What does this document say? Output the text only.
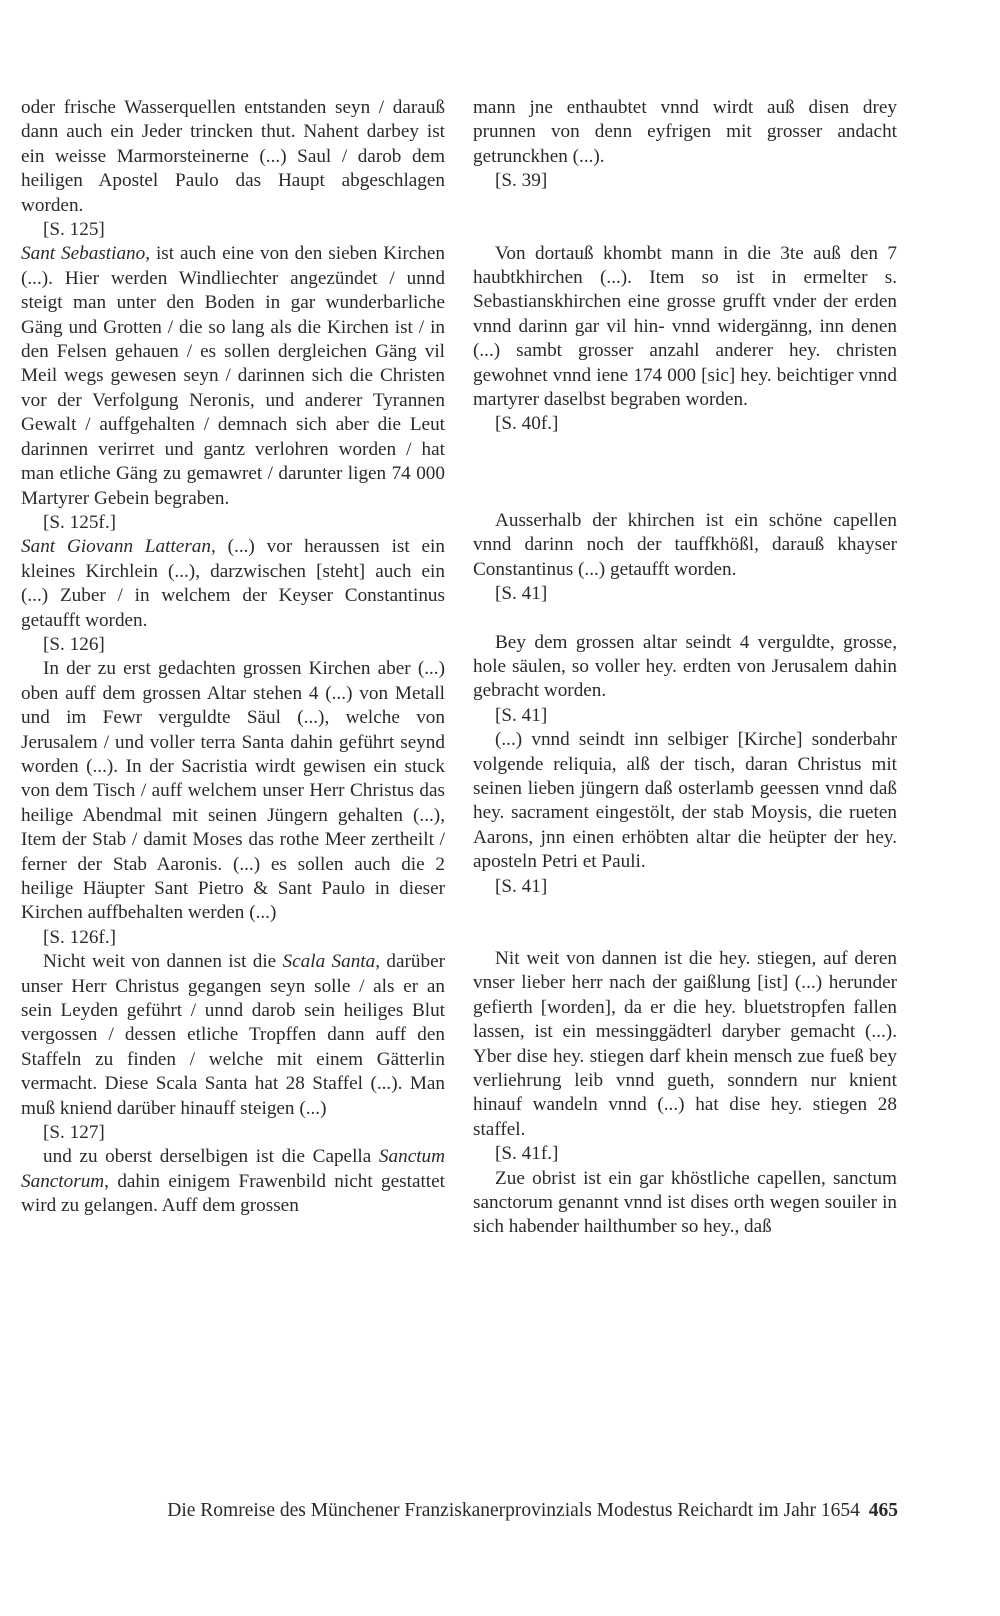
oder frische Wasserquellen entstanden seyn / darauß dann auch ein Jeder trincken thut. Nahent darbey ist ein weisse Marmorsteinerne (...) Saul / darob dem heiligen Apostel Paulo das Haupt abgeschlagen worden.

[S. 125]

Sant Sebastiano, ist auch eine von den sieben Kirchen (...). Hier werden Windliechter angezündet / unnd steigt man unter den Boden in gar wunderbarliche Gäng und Grotten / die so lang als die Kirchen ist / in den Felsen gehauen / es sollen dergleichen Gäng vil Meil wegs gewesen seyn / darinnen sich die Christen vor der Verfolgung Neronis, und anderer Tyrannen Gewalt / auffgehalten / demnach sich aber die Leut darinnen verirret und gantz verlohren worden / hat man etliche Gäng zu gemawret / darunter ligen 74 000 Martyrer Gebein begraben.

[S. 125f.]

Sant Giovann Latteran, (...) vor heraussen ist ein kleines Kirchlein (...), darzwischen [steht] auch ein (...) Zuber / in welchem der Keyser Constantinus getaufft worden.

[S. 126]

In der zu erst gedachten grossen Kirchen aber (...) oben auff dem grossen Altar stehen 4 (...) von Metall und im Fewr verguldte Säul (...), welche von Jerusalem / und voller terra Santa dahin geführt seynd worden (...). In der Sacristia wirdt gewisen ein stuck von dem Tisch / auff welchem unser Herr Christus das heilige Abendmal mit seinen Jüngern gehalten (...), Item der Stab / damit Moses das rothe Meer zertheilt / ferner der Stab Aaronis. (...) es sollen auch die 2 heilige Häupter Sant Pietro & Sant Paulo in dieser Kirchen auffbehalten werden (...)

[S. 126f.]

Nicht weit von dannen ist die Scala Santa, darüber unser Herr Christus gegangen seyn solle / als er an sein Leyden geführt / unnd darob sein heiliges Blut vergossen / dessen etliche Tropffen dann auff den Staffeln zu finden / welche mit einem Gätterlin vermacht. Diese Scala Santa hat 28 Staffel (...). Man muß kniend darüber hinauff steigen (...)

[S. 127]

und zu oberst derselbigen ist die Capella Sanctum Sanctorum, dahin einigem Frawenbild nicht gestattet wird zu gelangen. Auff dem grossen

mann jne enthaubtet vnnd wirdt auß disen drey prunnen von denn eyfrigen mit grosser andacht getrunckhen (...).

[S. 39]

Von dortauß khombt mann in die 3te auß den 7 haubtkhirchen (...). Item so ist in ermelter s. Sebastianskhirchen eine grosse grufft vnder der erden vnnd darinn gar vil hin- vnnd widergänng, inn denen (...) sambt grosser anzahl anderer hey. christen gewohnet vnnd iene 174 000 [sic] hey. beichtiger vnnd martyrer daselbst begraben worden.

[S. 40f.]

Ausserhalb der khirchen ist ein schöne capellen vnnd darinn noch der tauffkhößl, darauß khayser Constantinus (...) getaufft worden.

[S. 41]

Bey dem grossen altar seindt 4 verguldte, grosse, hole säulen, so voller hey. erdten von Jerusalem dahin gebracht worden.

[S. 41]

(...) vnnd seindt inn selbiger [Kirche] sonderbahr volgende reliquia, alß der tisch, daran Christus mit seinen lieben jüngern daß osterlamb geessen vnnd daß hey. sacrament eingestölt, der stab Moysis, die rueten Aarons, jnn einen erhöbten altar die heüpter der hey. aposteln Petri et Pauli.

[S. 41]

Nit weit von dannen ist die hey. stiegen, auf deren vnser lieber herr nach der gaißlung [ist] (...) herunder gefierth [worden], da er die hey. bluetstropfen fallen lassen, ist ein messinggädterl daryber gemacht (...). Yber dise hey. stiegen darf khein mensch zue fueß bey verliehrung leib vnnd gueth, sonndern nur knient hinauf wandeln vnnd (...) hat dise hey. stiegen 28 staffel.

[S. 41f.]

Zue obrist ist ein gar khöstliche capellen, sanctum sanctorum genannt vnnd ist dises orth wegen souiler in sich habender hailthumber so hey., daß

Die Romreise des Münchener Franziskanerprovinzials Modestus Reichardt im Jahr 1654 465
